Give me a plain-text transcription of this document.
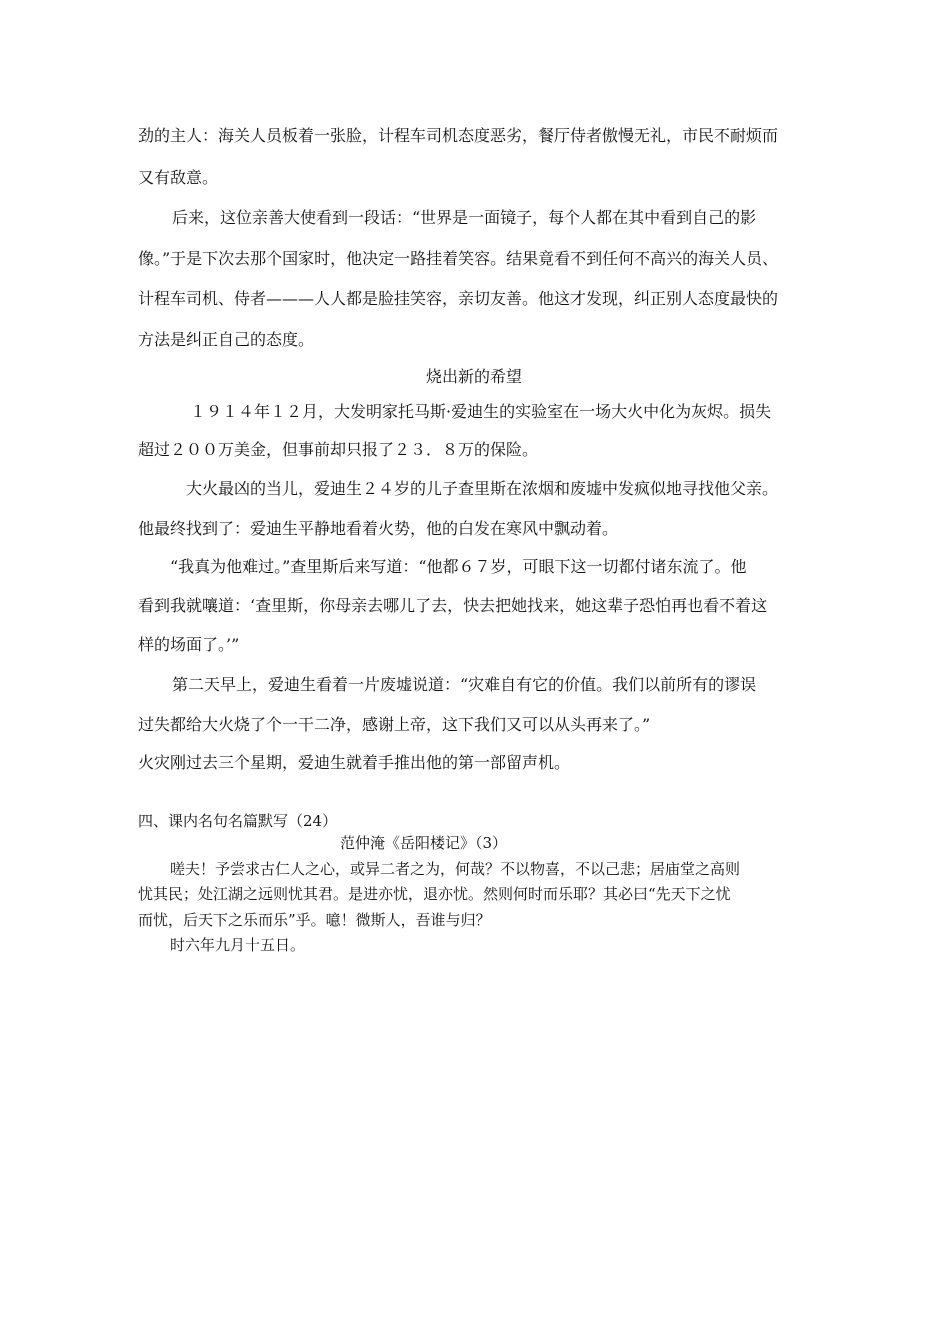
劲的主人：海关人员板着一张脸，计程车司机态度恶劣，餐厅侍者傲慢无礼，市民不耐烦而
又有敌意。
后来，这位亲善大使看到一段话：“世界是一面镜子，每个人都在其中看到自己的影
像。”于是下次去那个国家时，他决定一路挂着笑容。结果竟看不到任何不高兴的海关人员、
计程车司机、侍者———人人都是脸挂笑容，亲切友善。他这才发现，纠正别人态度最快的
方法是纠正自己的态度。
烧出新的希望
１９１４年１２月，大发明家托马斯·爱迪生的实验室在一场大火中化为灰烬。损失
超过２００万美金，但事前却只报了２３．８万的保险。
大火最凶的当儿，爱迪生２４岁的儿子查里斯在浓烟和废墟中发疯似地寻找他父亲。
他最终找到了：爱迪生平静地看着火势，他的白发在寒风中飘动着。
“我真为他难过。”查里斯后来写道：“他都６７岁，可眼下这一切都付诸东流了。他
看到我就嚷道：‘查里斯，你母亲去哪儿了去，快去把她找来，她这辈子恐怕再也看不着这
样的场面了。’”
第二天早上，爱迪生看着一片废墟说道：“灾难自有它的价值。我们以前所有的谬误
过失都给大火烧了个一干二净，感谢上帝，这下我们又可以从头再来了。”
火灾刚过去三个星期，爱迪生就着手推出他的第一部留声机。
四、课内名句名篇默写（24）
范仲淹《岳阳楼记》（3）
嗟夫！予尝求古仁人之心，或异二者之为，何哉？不以物喜，不以己悲；居庙堂之高则
忧其民；处江湖之远则忧其君。是进亦忧，退亦忧。然则何时而乐耶？其必曰“先天下之忧
而忧，后天下之乐而乐”乎。噫！微斯人，吾谁与归？
时六年九月十五日。
